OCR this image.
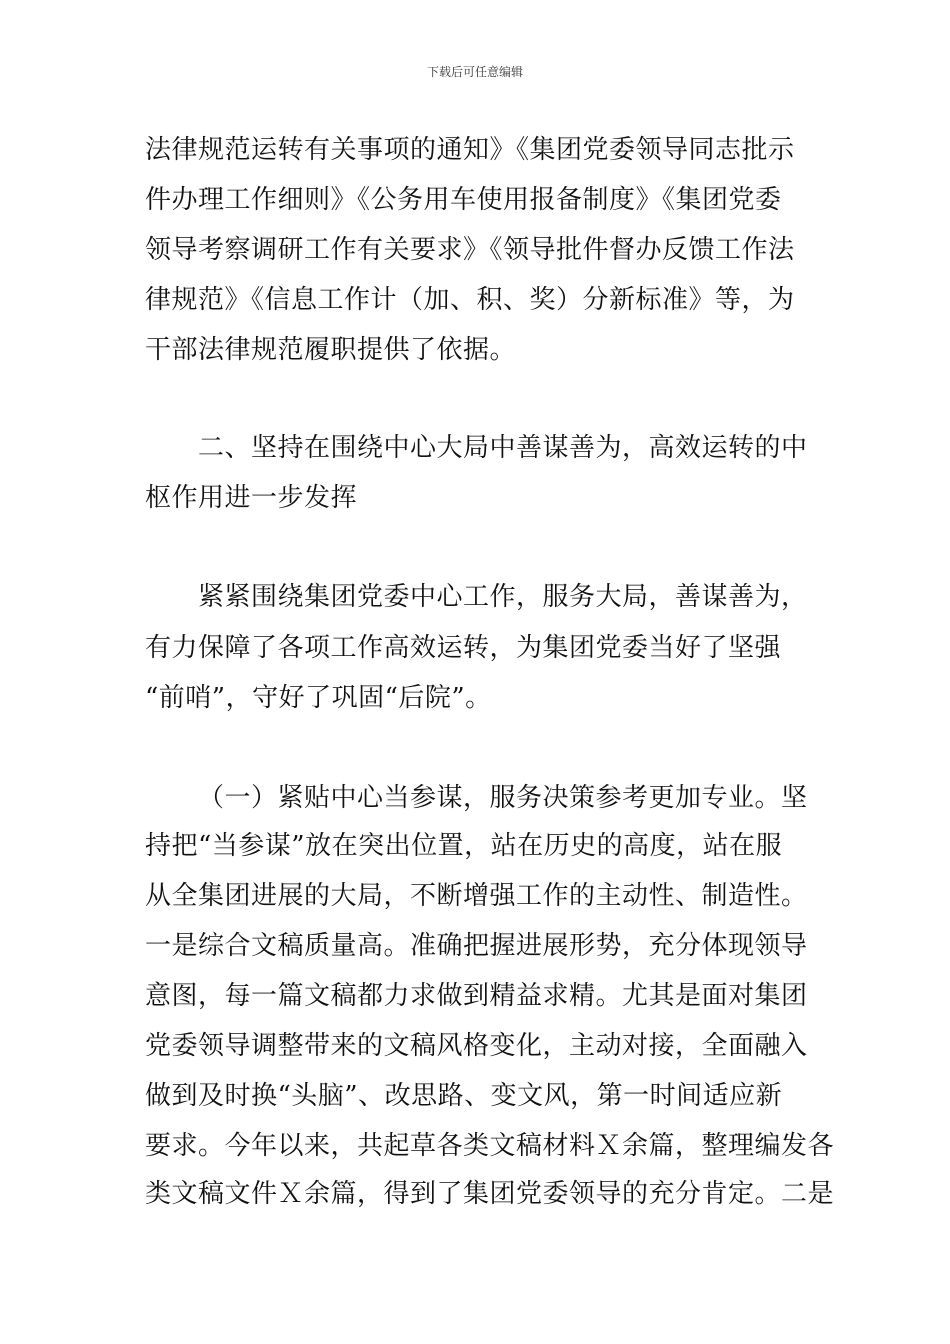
下载后可任意编辑
法律规范运转有关事项的通知》《集团党委领导同志批示
件办理工作细则》《公务用车使用报备制度》《集团党委
领导考察调研工作有关要求》《领导批件督办反馈工作法
律规范》《信息工作计（加、积、奖）分新标准》等，为
干部法律规范履职提供了依据。
二、坚持在围绕中心大局中善谋善为，高效运转的中
枢作用进一步发挥
紧紧围绕集团党委中心工作，服务大局，善谋善为，
有力保障了各项工作高效运转，为集团党委当好了坚强
“前哨”，守好了巩固“后院”。
（一）紧贴中心当参谋，服务决策参考更加专业。坚
持把“当参谋”放在突出位置，站在历史的高度，站在服
从全集团进展的大局，不断增强工作的主动性、制造性。
一是综合文稿质量高。准确把握进展形势，充分体现领导
意图，每一篇文稿都力求做到精益求精。尤其是面对集团
党委领导调整带来的文稿风格变化，主动对接，全面融入
做到及时换“头脑”、改思路、变文风，第一时间适应新
要求。今年以来，共起草各类文稿材料Ｘ余篇，整理编发各
类文稿文件Ｘ余篇，得到了集团党委领导的充分肯定。二是
